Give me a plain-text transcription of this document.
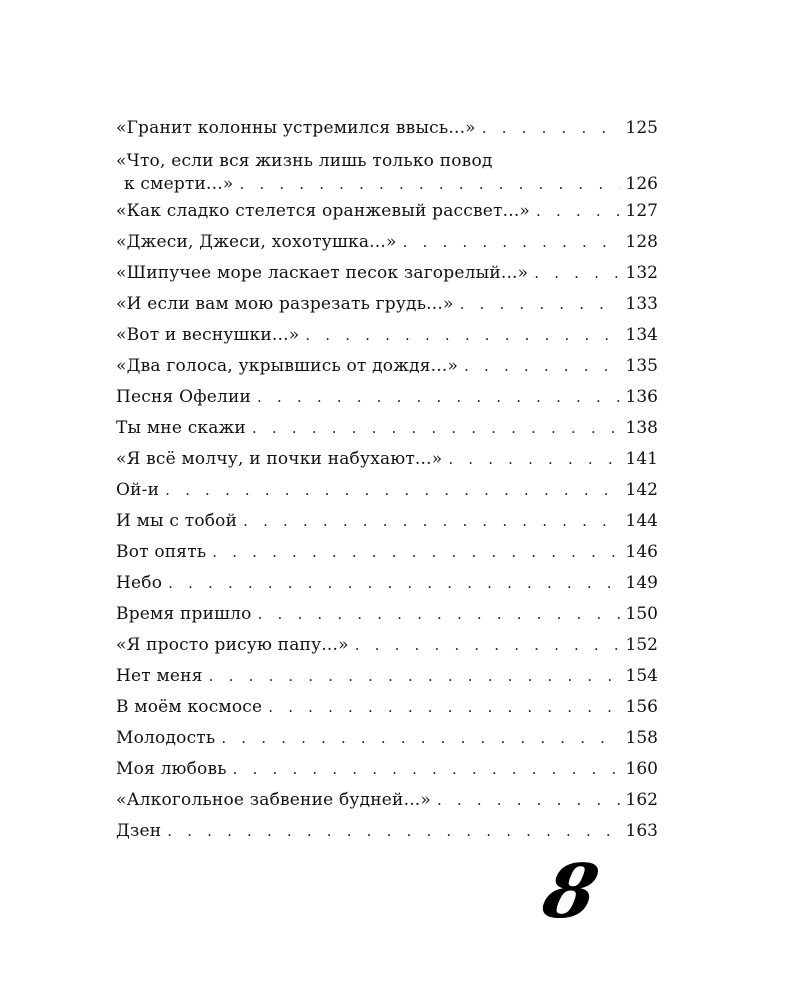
«Гранит колонны устремился ввысь...» . . .	125
«Что, если вся жизнь лишь только повод
к смерти...» . . .	126
«Как сладко стелется оранжевый рассвет...» . . .	127
«Джеси, Джеси, хохотушка...» . . .	128
«Шипучее море ласкает песок загорелый...» . . .	132
«И если вам мою разрезать грудь...» . . .	133
«Вот и веснушки...» . . .	134
«Два голоса, укрывшись от дождя...» . . .	135
Песня Офелии . . .	136
Ты мне скажи . . .	138
«Я всё молчу, и почки набухают...» . . .	141
Ой-и . . .	142
И мы с тобой . . .	144
Вот опять . . .	146
Небо . . .	149
Время пришло . . .	150
«Я просто рисую папу...» . . .	152
Нет меня . . .	154
В моём космосе . . .	156
Молодость . . .	158
Моя любовь . . .	160
«Алкогольное забвение будней...» . . .	162
Дзен . . .	163
8
